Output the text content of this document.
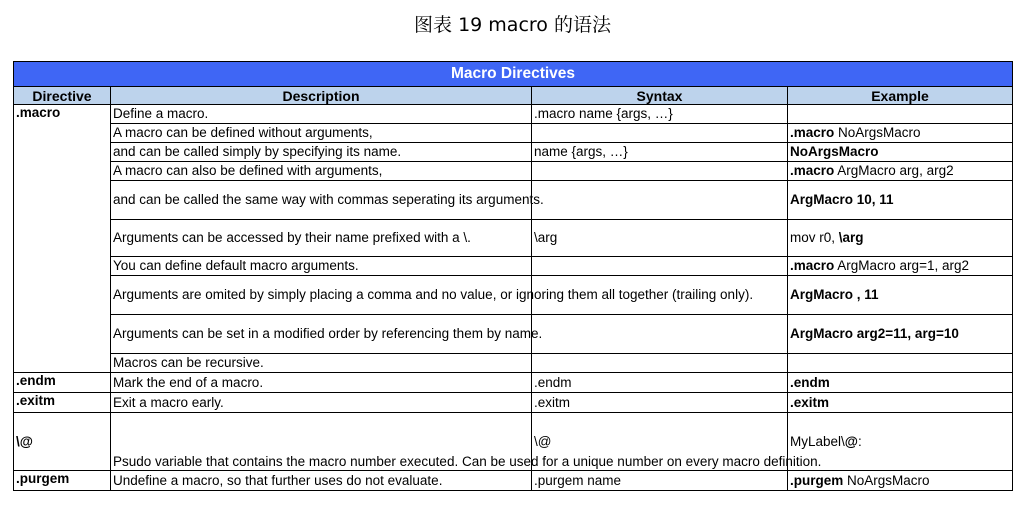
图表 19 macro 的语法
Macro Directives			
Directive	Description	Syntax	Example
.macro	Define a macro.	.macro name {args, …}	
	A macro can be defined without arguments,		.macro NoArgsMacro
	and can be called simply by specifying its name.	name {args, …}	NoArgsMacro
	A macro can also be defined with arguments,		.macro ArgMacro arg, arg2
	and can be called the same way with commas seperating its arguments.		ArgMacro 10, 11
	Arguments can be accessed by their name prefixed with a \.	\arg	mov r0, \arg
	You can define default macro arguments.		.macro ArgMacro arg=1, arg2
	Arguments are omited by simply placing a comma and no value, or ignoring them all together (trailing only).		ArgMacro , 11
	Arguments can be set in a modified order by referencing them by name.		ArgMacro arg2=11, arg=10
	Macros can be recursive.		
.endm	Mark the end of a macro.	.endm	.endm
.exitm	Exit a macro early.	.exitm	.exitm
\@	Psudo variable that contains the macro number executed. Can be used for a unique number on every macro definition.	\@	MyLabel\@:
.purgem	Undefine a macro, so that further uses do not evaluate.	.purgem name	.purgem NoArgsMacro
